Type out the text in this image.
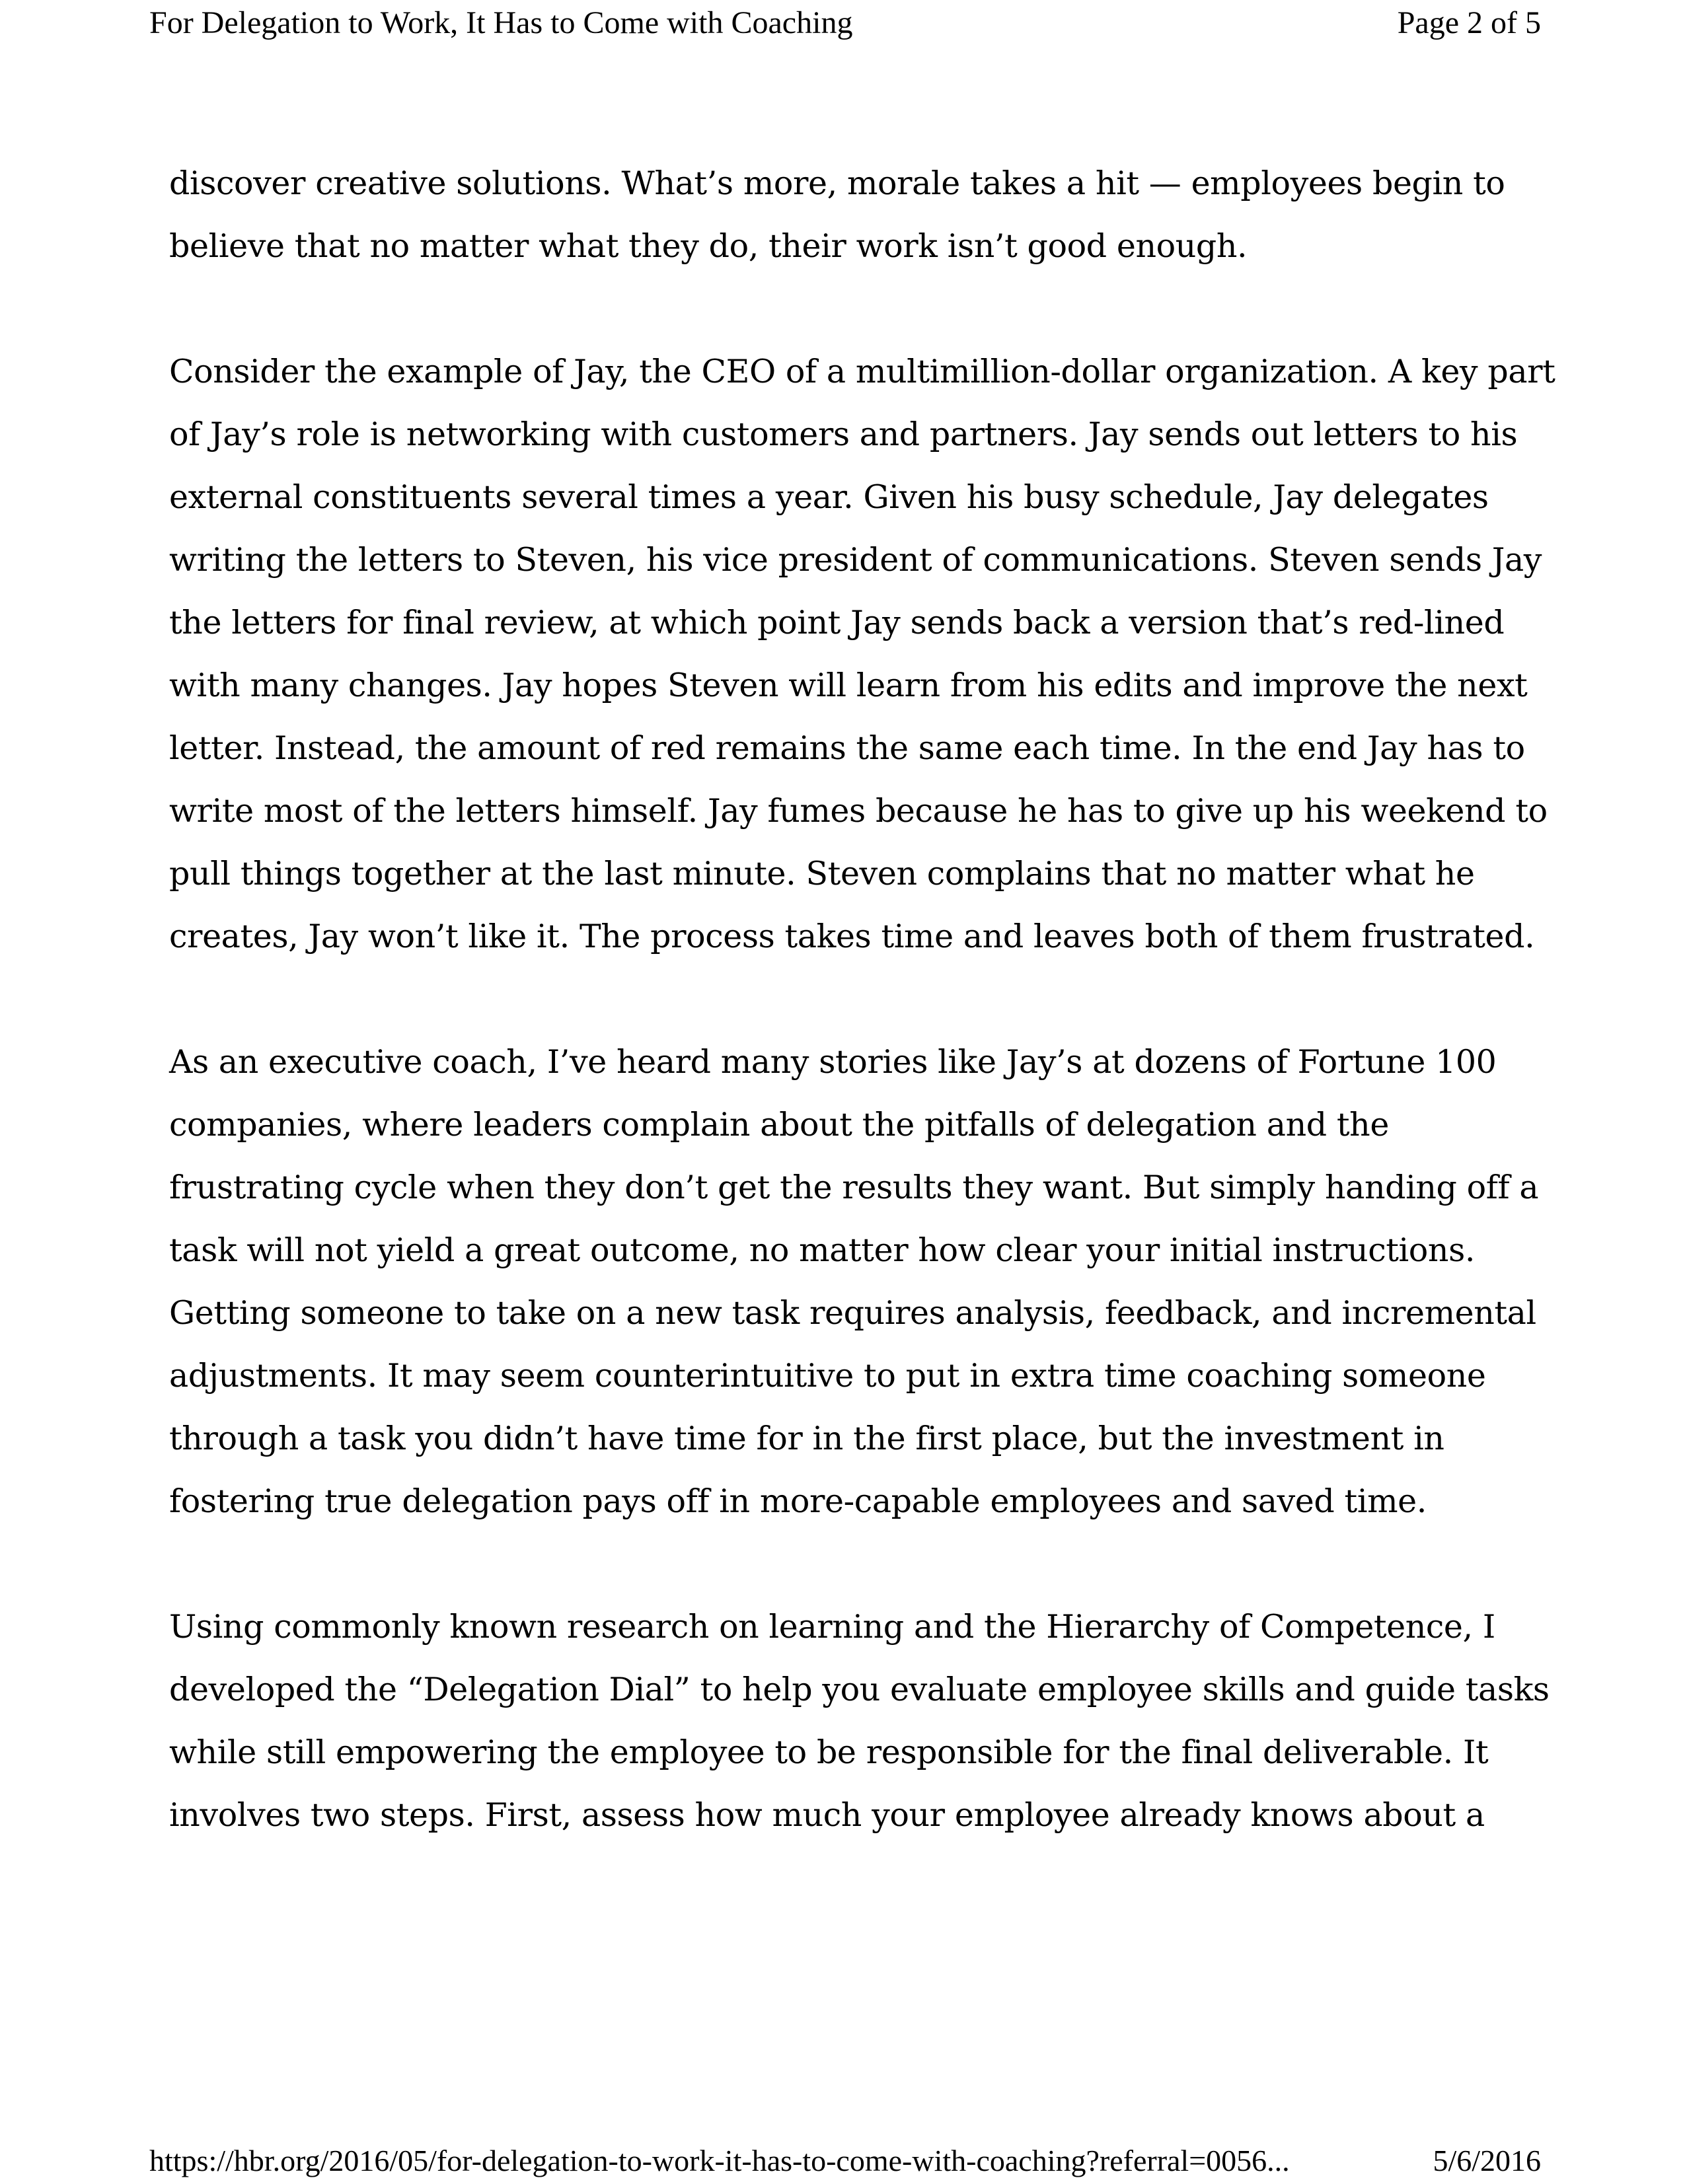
For Delegation to Work, It Has to Come with Coaching	Page 2 of 5

discover creative solutions. What’s more, morale takes a hit — employees begin to believe that no matter what they do, their work isn’t good enough.

Consider the example of Jay, the CEO of a multimillion-dollar organization. A key part of Jay’s role is networking with customers and partners. Jay sends out letters to his external constituents several times a year. Given his busy schedule, Jay delegates writing the letters to Steven, his vice president of communications. Steven sends Jay the letters for final review, at which point Jay sends back a version that’s red-lined with many changes. Jay hopes Steven will learn from his edits and improve the next letter. Instead, the amount of red remains the same each time. In the end Jay has to write most of the letters himself. Jay fumes because he has to give up his weekend to pull things together at the last minute. Steven complains that no matter what he creates, Jay won’t like it. The process takes time and leaves both of them frustrated.

As an executive coach, I’ve heard many stories like Jay’s at dozens of Fortune 100 companies, where leaders complain about the pitfalls of delegation and the frustrating cycle when they don’t get the results they want. But simply handing off a task will not yield a great outcome, no matter how clear your initial instructions. Getting someone to take on a new task requires analysis, feedback, and incremental adjustments. It may seem counterintuitive to put in extra time coaching someone through a task you didn’t have time for in the first place, but the investment in fostering true delegation pays off in more-capable employees and saved time.

Using commonly known research on learning and the Hierarchy of Competence, I developed the “Delegation Dial” to help you evaluate employee skills and guide tasks while still empowering the employee to be responsible for the final deliverable. It involves two steps. First, assess how much your employee already knows about a

https://hbr.org/2016/05/for-delegation-to-work-it-has-to-come-with-coaching?referral=0056...	5/6/2016
